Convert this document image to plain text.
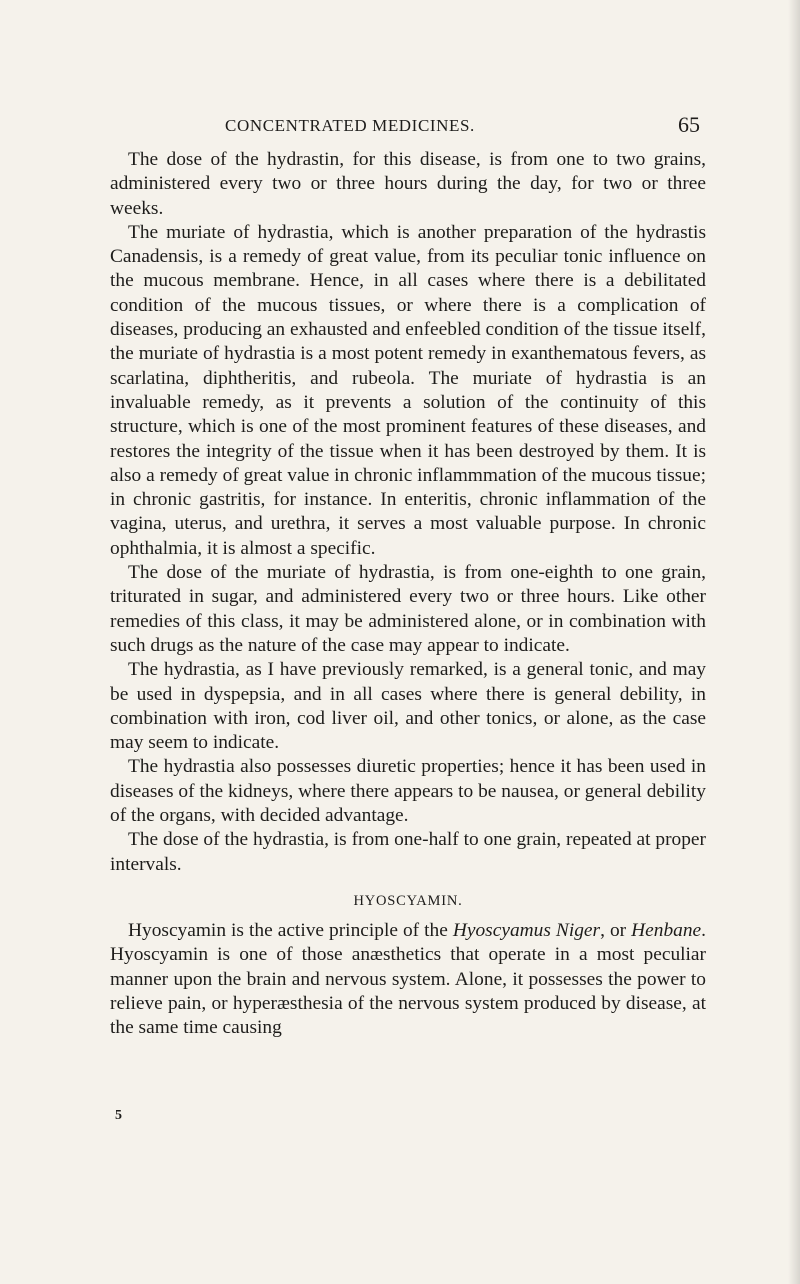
CONCENTRATED MEDICINES.	65

The dose of the hydrastin, for this disease, is from one to two grains, administered every two or three hours during the day, for two or three weeks.

The muriate of hydrastia, which is another preparation of the hydrastis Canadensis, is a remedy of great value, from its peculiar tonic influence on the mucous membrane. Hence, in all cases where there is a debilitated condition of the mucous tissues, or where there is a complication of diseases, producing an exhausted and enfeebled condition of the tissue itself, the muriate of hydrastia is a most potent remedy in exanthematous fevers, as scarlatina, diphtheritis, and rubeola. The muriate of hydrastia is an invaluable remedy, as it prevents a solution of the continuity of this structure, which is one of the most prominent features of these diseases, and restores the integrity of the tissue when it has been destroyed by them. It is also a remedy of great value in chronic inflammmation of the mucous tissue; in chronic gastritis, for instance. In enteritis, chronic inflammation of the vagina, uterus, and urethra, it serves a most valuable purpose. In chronic ophthalmia, it is almost a specific.

The dose of the muriate of hydrastia, is from one-eighth to one grain, triturated in sugar, and administered every two or three hours. Like other remedies of this class, it may be administered alone, or in combination with such drugs as the nature of the case may appear to indicate.

The hydrastia, as I have previously remarked, is a general tonic, and may be used in dyspepsia, and in all cases where there is general debility, in combination with iron, cod liver oil, and other tonics, or alone, as the case may seem to indicate.

The hydrastia also possesses diuretic properties; hence it has been used in diseases of the kidneys, where there appears to be nausea, or general debility of the organs, with decided advantage.

The dose of the hydrastia, is from one-half to one grain, repeated at proper intervals.

HYOSCYAMIN.

Hyoscyamin is the active principle of the Hyoscyamus Niger, or Henbane. Hyoscyamin is one of those anæsthetics that operate in a most peculiar manner upon the brain and nervous system. Alone, it possesses the power to relieve pain, or hyperæsthesia of the nervous system produced by disease, at the same time causing

5
